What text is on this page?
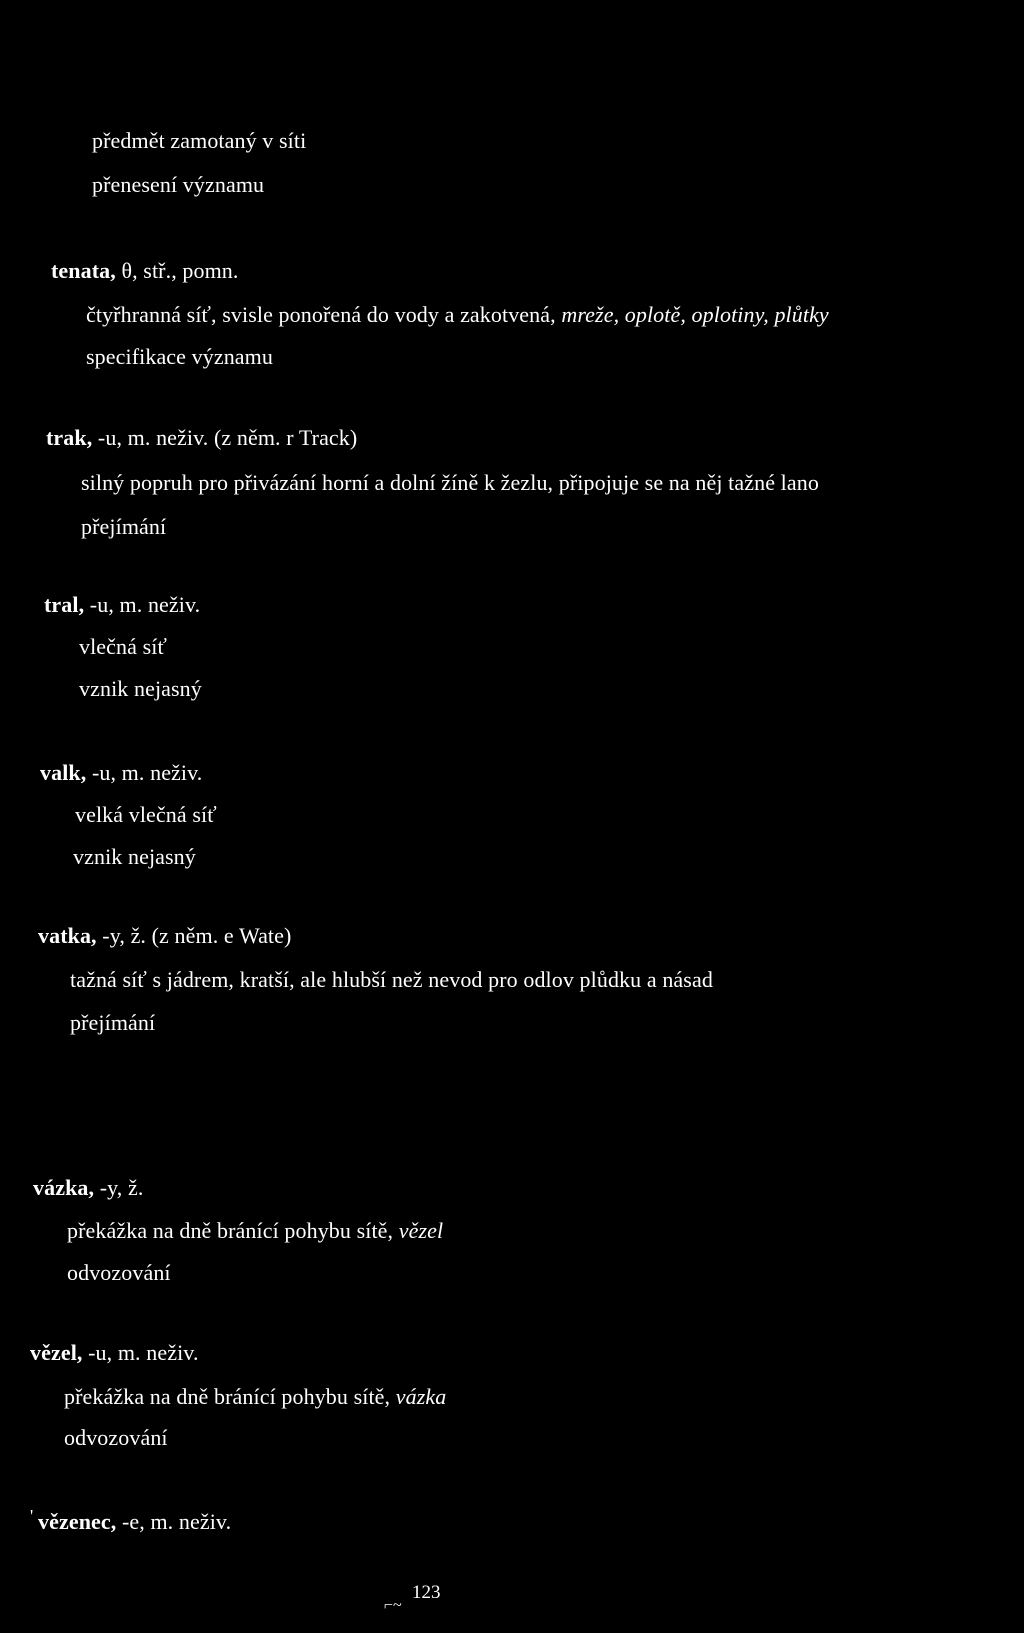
předmět zamotaný v síti
přenesení významu
tenata, θ, stř., pomn.
čtyřhranná síť, svisle ponořená do vody a zakotvená, mreže, oplotě, oplotiny, plůtky
specifikace významu
trak, -u, m. neživ. (z něm. r Track)
silný popruh pro přivázání horní a dolní žíně k žezlu, připojuje se na něj tažné lano
přejímání
tral, -u, m. neživ.
vlečná síť
vznik nejasný
valk, -u, m. neživ.
velká vlečná síť
vznik nejasný
vatka, -y, ž. (z něm. e Wate)
tažná síť s jádrem, kratší, ale hlubší než nevod pro odlov plůdku a násad
přejímání
vázka, -y, ž.
překážka na dně bránící pohybu sítě, vězel
odvozování
vězel, -u, m. neživ.
překážka na dně bránící pohybu sítě, vázka
odvozování
' vězenec, -e, m. neživ.
⌐~
123
